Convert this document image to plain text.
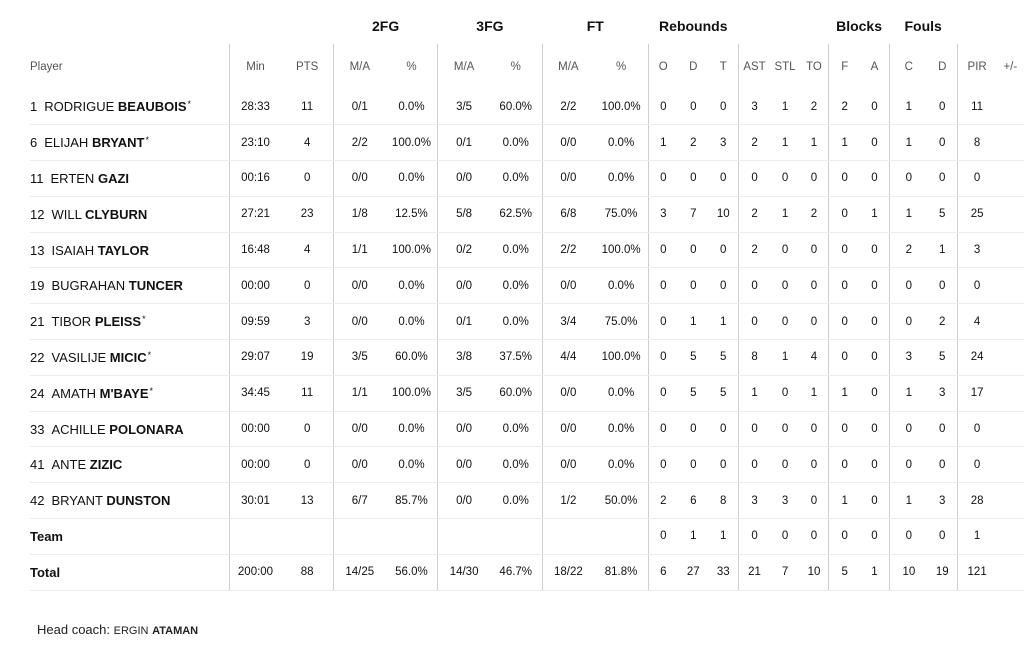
			2FG		3FG		FT		Rebounds						Blocks		Fouls			
Player	Min	PTS	M/A	%	M/A	%	M/A	%	O	D	T	AST	STL	TO	F	A	C	D	PIR	+/-
1 RODRIGUE BEAUBOIS*	28:33	11	0/1	0.0%	3/5	60.0%	2/2	100.0%	0	0	0	3	1	2	2	0	1	0	11	
6 ELIJAH BRYANT*	23:10	4	2/2	100.0%	0/1	0.0%	0/0	0.0%	1	2	3	2	1	1	1	0	1	0	8	
11 ERTEN GAZI	00:16	0	0/0	0.0%	0/0	0.0%	0/0	0.0%	0	0	0	0	0	0	0	0	0	0	0	
12 WILL CLYBURN	27:21	23	1/8	12.5%	5/8	62.5%	6/8	75.0%	3	7	10	2	1	2	0	1	1	5	25	
13 ISAIAH TAYLOR	16:48	4	1/1	100.0%	0/2	0.0%	2/2	100.0%	0	0	0	2	0	0	0	0	2	1	3	
19 BUGRAHAN TUNCER	00:00	0	0/0	0.0%	0/0	0.0%	0/0	0.0%	0	0	0	0	0	0	0	0	0	0	0	
21 TIBOR PLEISS*	09:59	3	0/0	0.0%	0/1	0.0%	3/4	75.0%	0	1	1	0	0	0	0	0	0	2	4	
22 VASILIJE MICIC*	29:07	19	3/5	60.0%	3/8	37.5%	4/4	100.0%	0	5	5	8	1	4	0	0	3	5	24	
24 AMATH M'BAYE*	34:45	11	1/1	100.0%	3/5	60.0%	0/0	0.0%	0	5	5	1	0	1	1	0	1	3	17	
33 ACHILLE POLONARA	00:00	0	0/0	0.0%	0/0	0.0%	0/0	0.0%	0	0	0	0	0	0	0	0	0	0	0	
41 ANTE ZIZIC	00:00	0	0/0	0.0%	0/0	0.0%	0/0	0.0%	0	0	0	0	0	0	0	0	0	0	0	
42 BRYANT DUNSTON	30:01	13	6/7	85.7%	0/0	0.0%	1/2	50.0%	2	6	8	3	3	0	1	0	1	3	28	
Team									0	1	1	0	0	0	0	0	0	0	1	
Total	200:00	88	14/25	56.0%	14/30	46.7%	18/22	81.8%	6	27	33	21	7	10	5	1	10	19	121	
Head coach: ERGIN ATAMAN
